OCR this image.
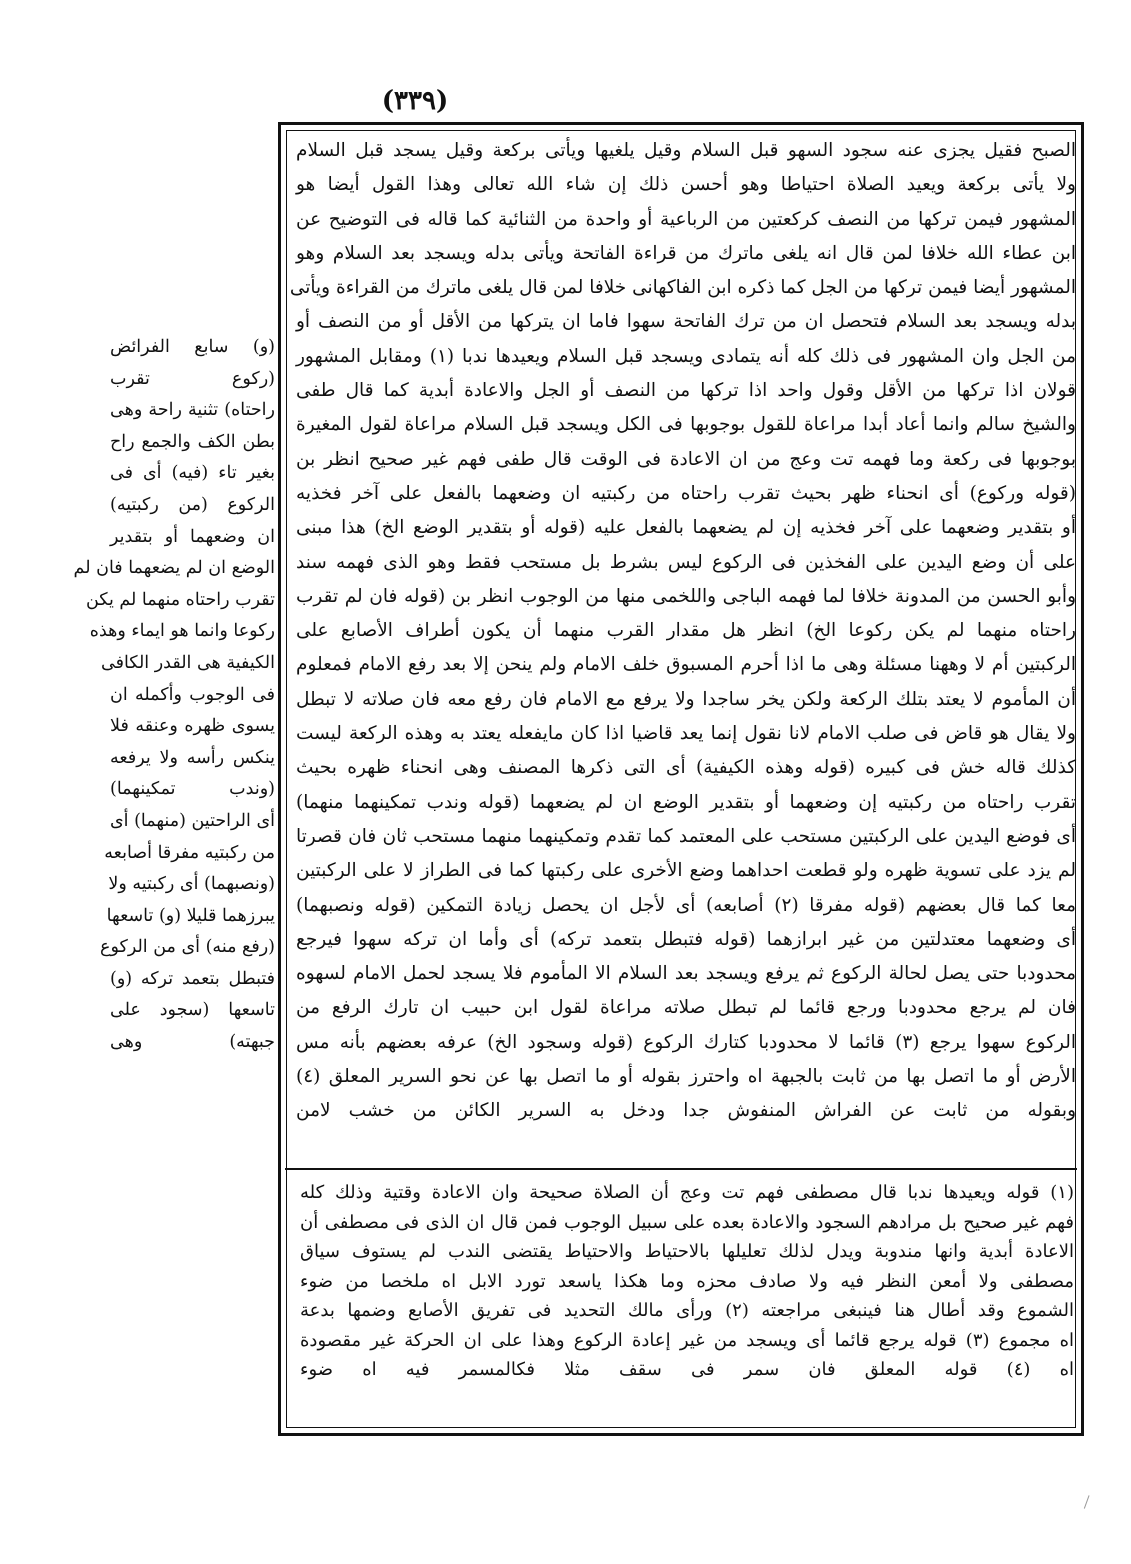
(٣٣٩)
الصبح فقيل يجزى عنه سجود السهو قبل السلام وقيل يلغيها ويأتى بركعة وقيل يسجد قبل السلام
ولا يأتى بركعة ويعيد الصلاة احتياطا وهو أحسن ذلك إن شاء الله تعالى وهذا القول أيضا هو
المشهور فيمن تركها من النصف كركعتين من الرباعية أو واحدة من الثنائية كما قاله فى التوضيح عن
ابن عطاء الله خلافا لمن قال انه يلغى ماترك من قراءة الفاتحة ويأتى بدله ويسجد بعد السلام وهو
المشهور أيضا فيمن تركها من الجل كما ذكره ابن الفاكهانى خلافا لمن قال يلغى ماترك من القراءة ويأتى
بدله ويسجد بعد السلام فتحصل ان من ترك الفاتحة سهوا فاما ان يتركها من الأقل أو من النصف أو
من الجل وان المشهور فى ذلك كله أنه يتمادى ويسجد قبل السلام ويعيدها ندبا (١) ومقابل المشهور
قولان اذا تركها من الأقل وقول واحد اذا تركها من النصف أو الجل والاعادة أبدية كما قال طفى
والشيخ سالم وانما أعاد أبدا مراعاة للقول بوجوبها فى الكل ويسجد قبل السلام مراعاة لقول المغيرة
بوجوبها فى ركعة وما فهمه تت وعج من ان الاعادة فى الوقت قال طفى فهم غير صحيح انظر بن
(قوله وركوع) أى انحناء ظهر بحيث تقرب راحتاه من ركبتيه ان وضعهما بالفعل على آخر فخذيه
أو بتقدير وضعهما على آخر فخذيه إن لم يضعهما بالفعل عليه (قوله أو بتقدير الوضع الخ) هذا مبنى
على أن وضع اليدين على الفخذين فى الركوع ليس بشرط بل مستحب فقط وهو الذى فهمه سند
وأبو الحسن من المدونة خلافا لما فهمه الباجى واللخمى منها من الوجوب انظر بن (قوله فان لم تقرب
راحتاه منهما لم يكن ركوعا الخ) انظر هل مقدار القرب منهما أن يكون أطراف الأصابع على
الركبتين أم لا وههنا مسئلة وهى ما اذا أحرم المسبوق خلف الامام ولم ينحن إلا بعد رفع الامام فمعلوم
أن المأموم لا يعتد بتلك الركعة ولكن يخر ساجدا ولا يرفع مع الامام فان رفع معه فان صلاته لا تبطل
ولا يقال هو قاض فى صلب الامام لانا نقول إنما يعد قاضيا اذا كان مايفعله يعتد به وهذه الركعة ليست
كذلك قاله خش فى كبيره (قوله وهذه الكيفية) أى التى ذكرها المصنف وهى انحناء ظهره بحيث
تقرب راحتاه من ركبتيه إن وضعهما أو بتقدير الوضع ان لم يضعهما (قوله وندب تمكينهما منهما)
أى فوضع اليدين على الركبتين مستحب على المعتمد كما تقدم وتمكينهما منهما مستحب ثان فان قصرتا
لم يزد على تسوية ظهره ولو قطعت احداهما وضع الأخرى على ركبتها كما فى الطراز لا على الركبتين
معا كما قال بعضهم (قوله مفرقا (٢) أصابعه) أى لأجل ان يحصل زيادة التمكين (قوله ونصبهما)
أى وضعهما معتدلتين من غير ابرازهما (قوله فتبطل بتعمد تركه) أى وأما ان تركه سهوا فيرجع
محدودبا حتى يصل لحالة الركوع ثم يرفع ويسجد بعد السلام الا المأموم فلا يسجد لحمل الامام لسهوه
فان لم يرجع محدودبا ورجع قائما لم تبطل صلاته مراعاة لقول ابن حبيب ان تارك الرفع من
الركوع سهوا يرجع (٣) قائما لا محدودبا كتارك الركوع (قوله وسجود الخ) عرفه بعضهم بأنه مس
الأرض أو ما اتصل بها من ثابت بالجبهة اه واحترز بقوله أو ما اتصل بها عن نحو السرير المعلق (٤)
وبقوله من ثابت عن الفراش المنفوش جدا ودخل به السرير الكائن من خشب لامن
(١) قوله ويعيدها ندبا قال مصطفى فهم تت وعج أن الصلاة صحيحة وان الاعادة وقتية وذلك كله
فهم غير صحيح بل مرادهم السجود والاعادة بعده على سبيل الوجوب فمن قال ان الذى فى مصطفى أن
الاعادة أبدية وانها مندوبة ويدل لذلك تعليلها بالاحتياط والاحتياط يقتضى الندب لم يستوف سياق
مصطفى ولا أمعن النظر فيه ولا صادف محزه وما هكذا ياسعد تورد الابل اه ملخصا من ضوء
الشموع وقد أطال هنا فينبغى مراجعته (٢) ورأى مالك التحديد فى تفريق الأصابع وضمها بدعة
اه مجموع (٣) قوله يرجع قائما أى ويسجد من غير إعادة الركوع وهذا على ان الحركة غير مقصودة
اه (٤) قوله المعلق فان سمر فى سقف مثلا فكالمسمر فيه اه ضوء
(و) سابع الفرائض
(ركوع تقرب
راحتاه) تثنية راحة وهى
بطن الكف والجمع راح
بغير تاء (فيه) أى فى
الركوع (من ركبتيه)
ان وضعهما أو بتقدير
الوضع ان لم يضعهما فان لم
تقرب راحتاه منهما لم يكن
ركوعا وانما هو ايماء وهذه
الكيفية هى القدر الكافى
فى الوجوب وأكمله ان
يسوى ظهره وعنقه فلا
ينكس رأسه ولا يرفعه
(وندب تمكينهما)
أى الراحتين (منهما) أى
من ركبتيه مفرقا أصابعه
(ونصبهما) أى ركبتيه ولا
يبرزهما قليلا (و) تاسعها
(رفع منه) أى من الركوع
فتبطل بتعمد تركه (و)
تاسعها (سجود على
جبهته) وهى
